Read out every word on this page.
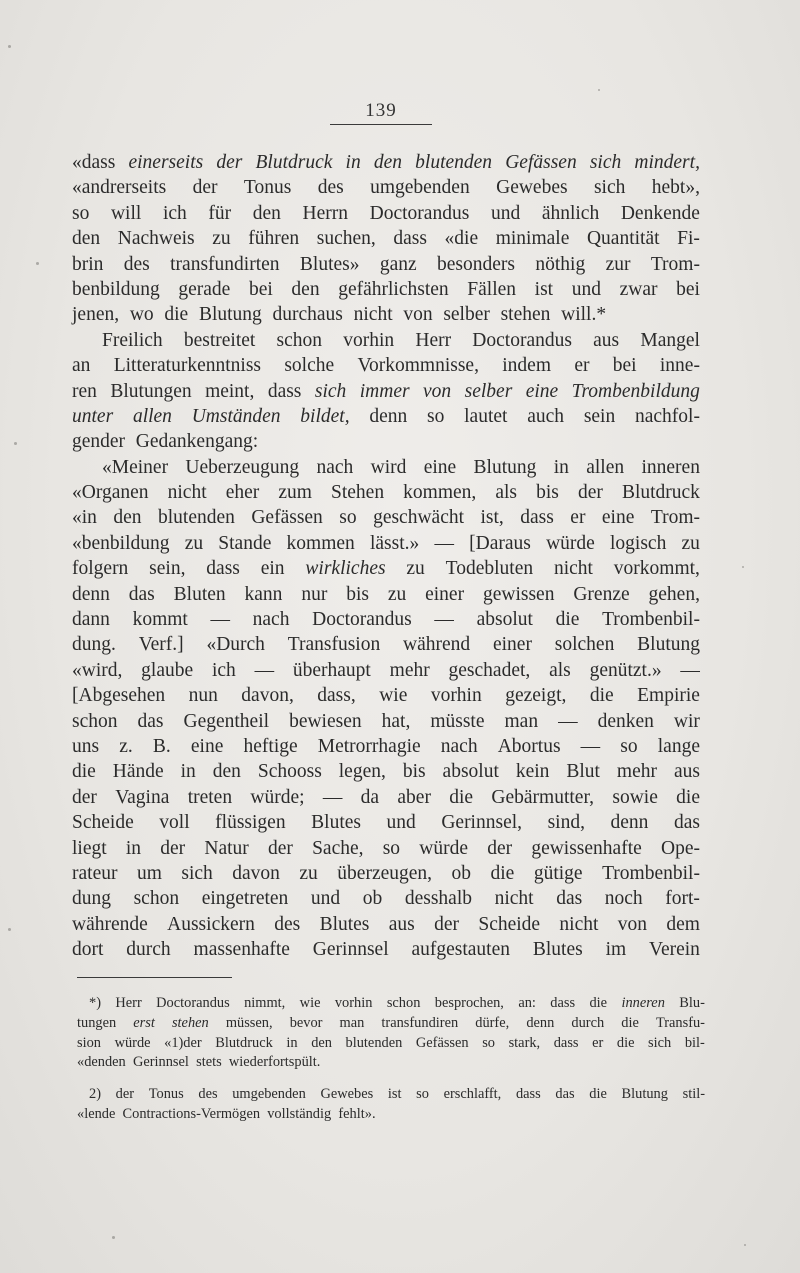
139
«dass einerseits der Blutdruck in den blutenden Gefässen sich mindert,
«andrerseits der Tonus des umgebenden Gewebes sich hebt»,
so will ich für den Herrn Doctorandus und ähnlich Denkende
den Nachweis zu führen suchen, dass «die minimale Quantität Fi-
brin des transfundirten Blutes» ganz besonders nöthig zur Trom-
benbildung gerade bei den gefährlichsten Fällen ist und zwar bei
jenen, wo die Blutung durchaus nicht von selber stehen will.*
Freilich bestreitet schon vorhin Herr Doctorandus aus Mangel
an Litteraturkenntniss solche Vorkommnisse, indem er bei inne-
ren Blutungen meint, dass sich immer von selber eine Trombenbildung
unter allen Umständen bildet, denn so lautet auch sein nachfol-
gender Gedankengang:
«Meiner Ueberzeugung nach wird eine Blutung in allen inneren
«Organen nicht eher zum Stehen kommen, als bis der Blutdruck
«in den blutenden Gefässen so geschwächt ist, dass er eine Trom-
«benbildung zu Stande kommen lässt.» — [Daraus würde logisch zu
folgern sein, dass ein wirkliches zu Todebluten nicht vorkommt,
denn das Bluten kann nur bis zu einer gewissen Grenze gehen,
dann kommt — nach Doctorandus — absolut die Trombenbil-
dung. Verf.] «Durch Transfusion während einer solchen Blutung
«wird, glaube ich — überhaupt mehr geschadet, als genützt.» —
[Abgesehen nun davon, dass, wie vorhin gezeigt, die Empirie
schon das Gegentheil bewiesen hat, müsste man — denken wir
uns z. B. eine heftige Metrorrhagie nach Abortus — so lange
die Hände in den Schooss legen, bis absolut kein Blut mehr aus
der Vagina treten würde; — da aber die Gebärmutter, sowie die
Scheide voll flüssigen Blutes und Gerinnsel, sind, denn das
liegt in der Natur der Sache, so würde der gewissenhafte Ope-
rateur um sich davon zu überzeugen, ob die gütige Trombenbil-
dung schon eingetreten und ob desshalb nicht das noch fort-
währende Aussickern des Blutes aus der Scheide nicht von dem
dort durch massenhafte Gerinnsel aufgestauten Blutes im Verein
*) Herr Doctorandus nimmt, wie vorhin schon besprochen, an: dass die inneren Blu-
tungen erst stehen müssen, bevor man transfundiren dürfe, denn durch die Transfu-
sion würde «1)der Blutdruck in den blutenden Gefässen so stark, dass er die sich bil-
«denden Gerinnsel stets wiederfortspült.
2) der Tonus des umgebenden Gewebes ist so erschlafft, dass das die Blutung stil-
«lende Contractions-Vermögen vollständig fehlt».
